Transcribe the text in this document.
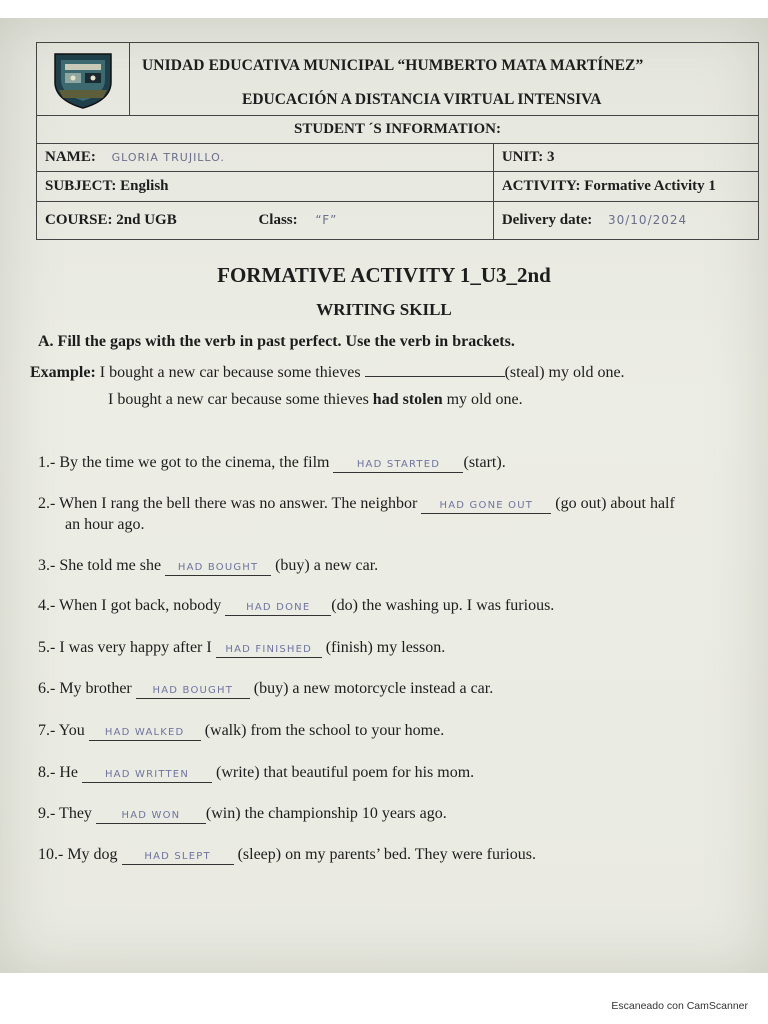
UNIDAD EDUCATIVA MUNICIPAL “HUMBERTO MATA MARTÍNEZ”
EDUCACIÓN A DISTANCIA VIRTUAL INTENSIVA	

STUDENT ´S INFORMATION:		
NAME: GLORIA TRUJILLO.		UNIT: 3
SUBJECT: English		ACTIVITY: Formative Activity 1
COURSE: 2nd UGB Class: “F”		Delivery date: 30/10/2024
FORMATIVE ACTIVITY 1_U3_2nd
WRITING SKILL
A. Fill the gaps with the verb in past perfect. Use the verb in brackets.
Example: I bought a new car because some thieves	(steal) my old one.
I bought a new car because some thieves had stolen my old one.
1.- By the time we got to the cinema, the film	HAD STARTED (start).
2.- When I rang the bell there was no answer. The neighbor HAD GONE OUT (go out) about half
an hour ago.
3.- She told me she HAD BOUGHT (buy) a new car.
4.- When I got back, nobody HAD DONE (do) the washing up. I was furious.
5.- I was very happy after I HAD FINISHED (finish) my lesson.
6.- My brother HAD BOUGHT (buy) a new motorcycle instead a car.
7.- You HAD WALKED (walk) from the school to your home.
8.- He	HAD WRITTEN (write) that beautiful poem for his mom.
9.- They	HAD WON (win) the championship 10 years ago.
10.- My dog	HAD SLEPT (sleep) on my parents’ bed. They were furious.
Escaneado con CamScanner
